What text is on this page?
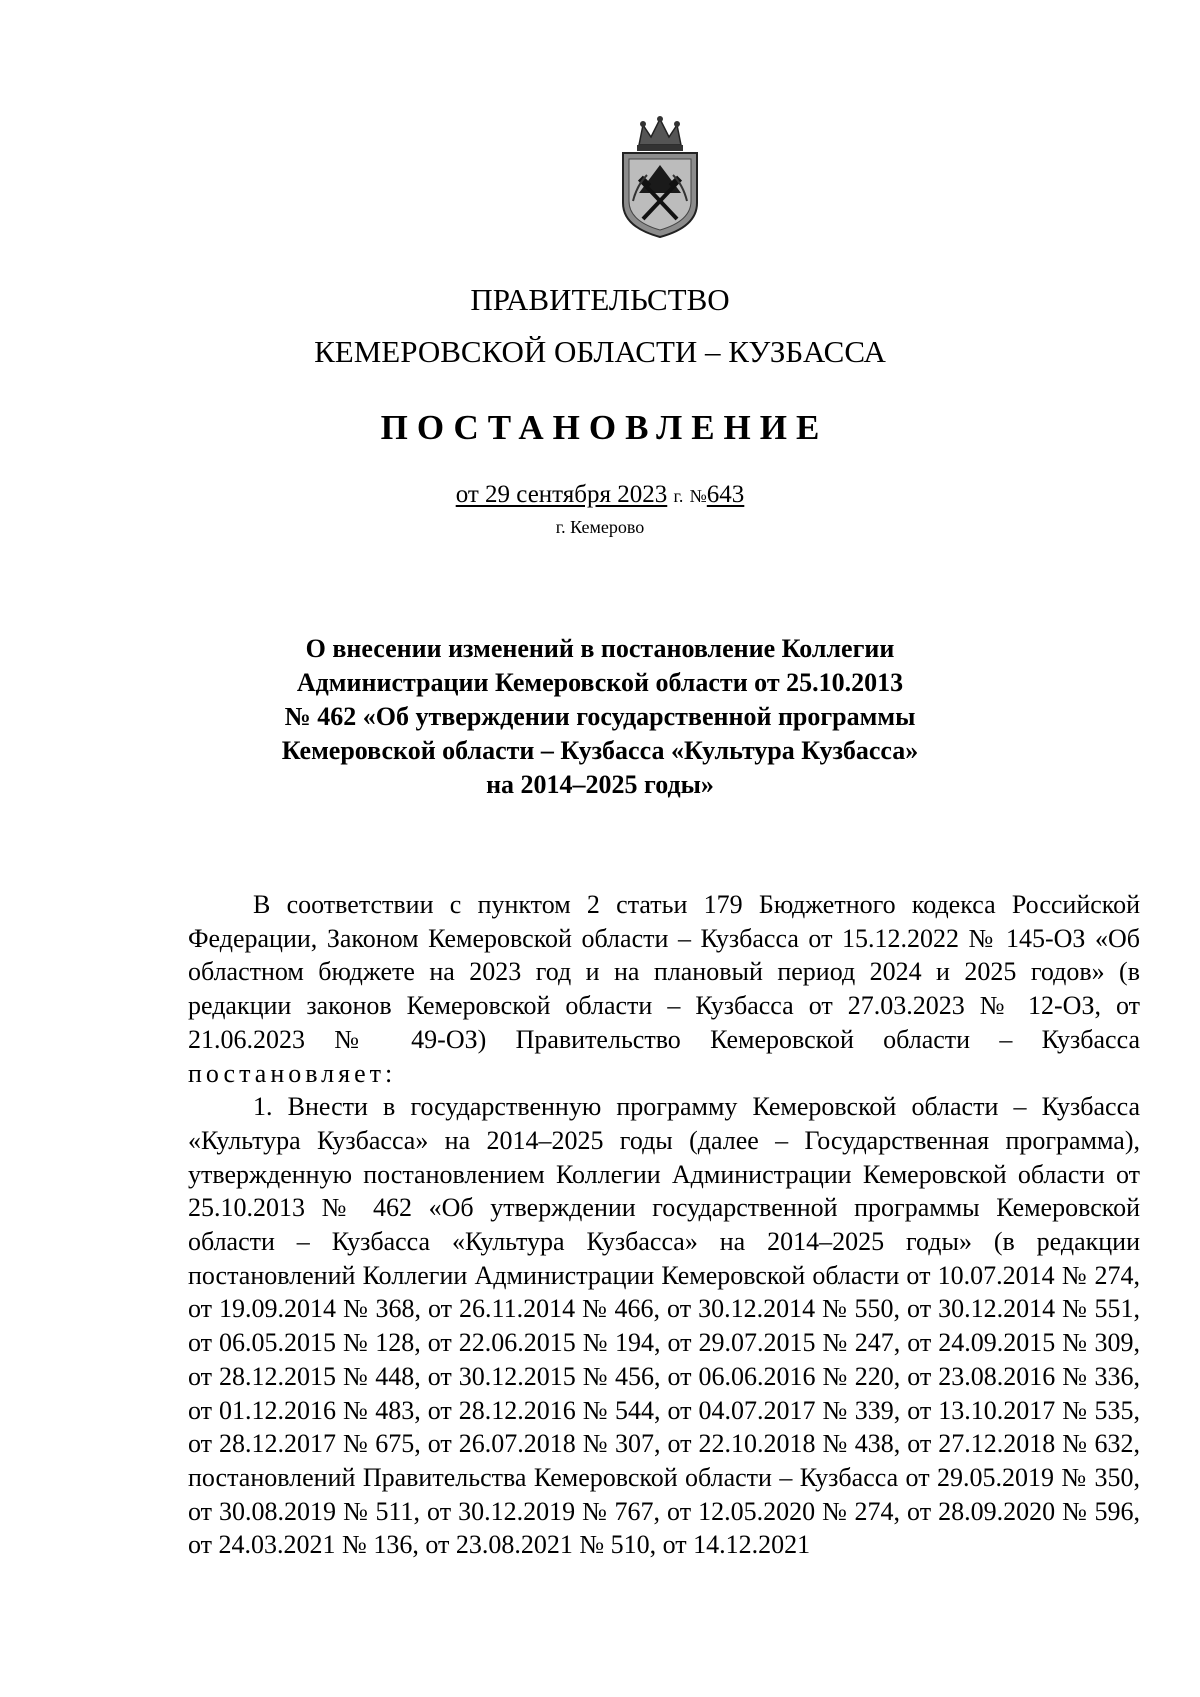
ПРАВИТЕЛЬСТВО
КЕМЕРОВСКОЙ ОБЛАСТИ – КУЗБАССА
ПОСТАНОВЛЕНИЕ
от 29 сентября 2023 г. №643
г. Кемерово
О внесении изменений в постановление Коллегии
Администрации Кемеровской области от 25.10.2013
№ 462 «Об утверждении государственной программы
Кемеровской области – Кузбасса «Культура Кузбасса»
на 2014–2025 годы»

В соответствии с пунктом 2 статьи 179 Бюджетного кодекса Российской Федерации, Законом Кемеровской области – Кузбасса от 15.12.2022 № 145-ОЗ «Об областном бюджете на 2023 год и на плановый период 2024 и 2025 годов» (в редакции законов Кемеровской области – Кузбасса от 27.03.2023 № 12-ОЗ, от 21.06.2023 № 49-ОЗ) Правительство Кемеровской области – Кузбасса постановляет:

1. Внести в государственную программу Кемеровской области – Кузбасса «Культура Кузбасса» на 2014–2025 годы (далее – Государственная программа), утвержденную постановлением Коллегии Администрации Кемеровской области от 25.10.2013 № 462 «Об утверждении государственной программы Кемеровской области – Кузбасса «Культура Кузбасса» на 2014–2025 годы» (в редакции постановлений Коллегии Администрации Кемеровской области от 10.07.2014 № 274, от 19.09.2014 № 368, от 26.11.2014 № 466, от 30.12.2014 № 550, от 30.12.2014 № 551, от 06.05.2015 № 128, от 22.06.2015 № 194, от 29.07.2015 № 247, от 24.09.2015 № 309, от 28.12.2015 № 448, от 30.12.2015 № 456, от 06.06.2016 № 220, от 23.08.2016 № 336, от 01.12.2016 № 483, от 28.12.2016 № 544, от 04.07.2017 № 339, от 13.10.2017 № 535, от 28.12.2017 № 675, от 26.07.2018 № 307, от 22.10.2018 № 438, от 27.12.2018 № 632, постановлений Правительства Кемеровской области – Кузбасса от 29.05.2019 № 350, от 30.08.2019 № 511, от 30.12.2019 № 767, от 12.05.2020 № 274, от 28.09.2020 № 596, от 24.03.2021 № 136, от 23.08.2021 № 510, от 14.12.2021
